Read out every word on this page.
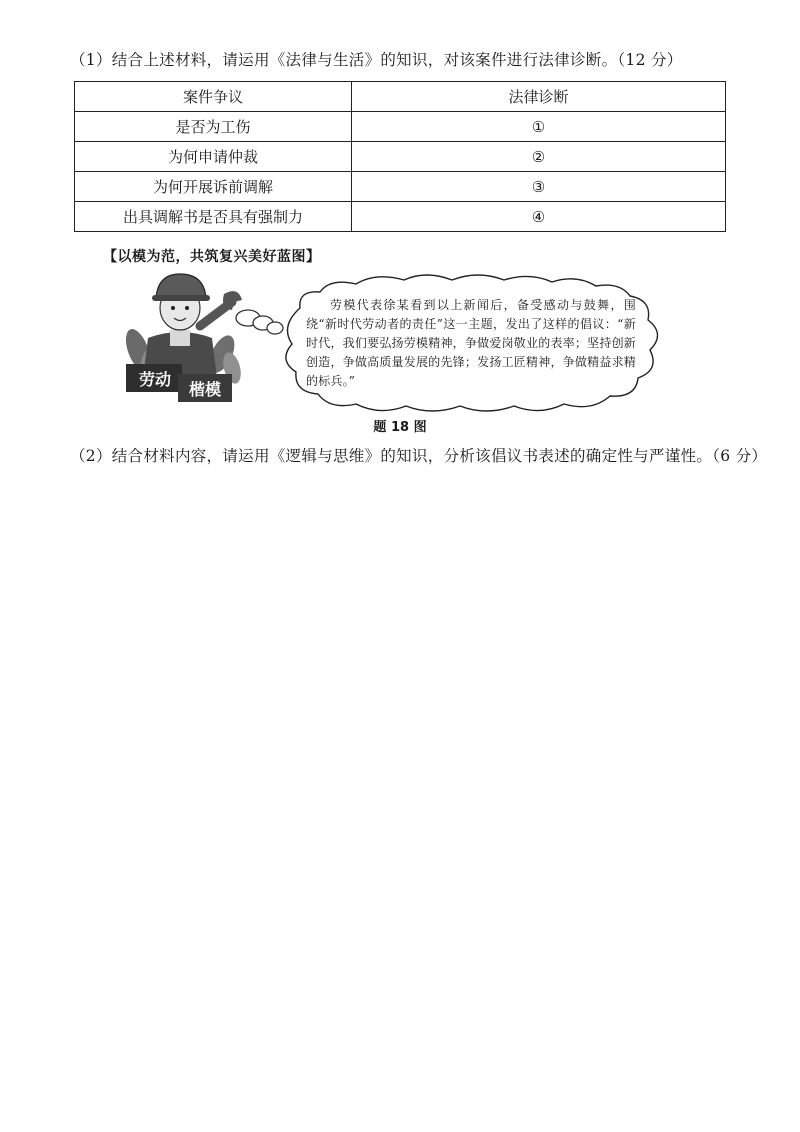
（1）结合上述材料，请运用《法律与生活》的知识，对该案件进行法律诊断。（12 分）
案件争议	法律诊断
是否为工伤	①
为何申请仲裁	②
为何开展诉前调解	③
出具调解书是否具有强制力	④
【以模为范，共筑复兴美好蓝图】
劳动
楷模
劳模代表徐某看到以上新闻后，备受感动与鼓舞，围绕“新时代劳动者的责任”这一主题，发出了这样的倡议：“新时代，我们要弘扬劳模精神，争做爱岗敬业的表率；坚持创新创造，争做高质量发展的先锋；发扬工匠精神，争做精益求精的标兵。”
题 18 图
（2）结合材料内容，请运用《逻辑与思维》的知识，分析该倡议书表述的确定性与严谨性。（6 分）
